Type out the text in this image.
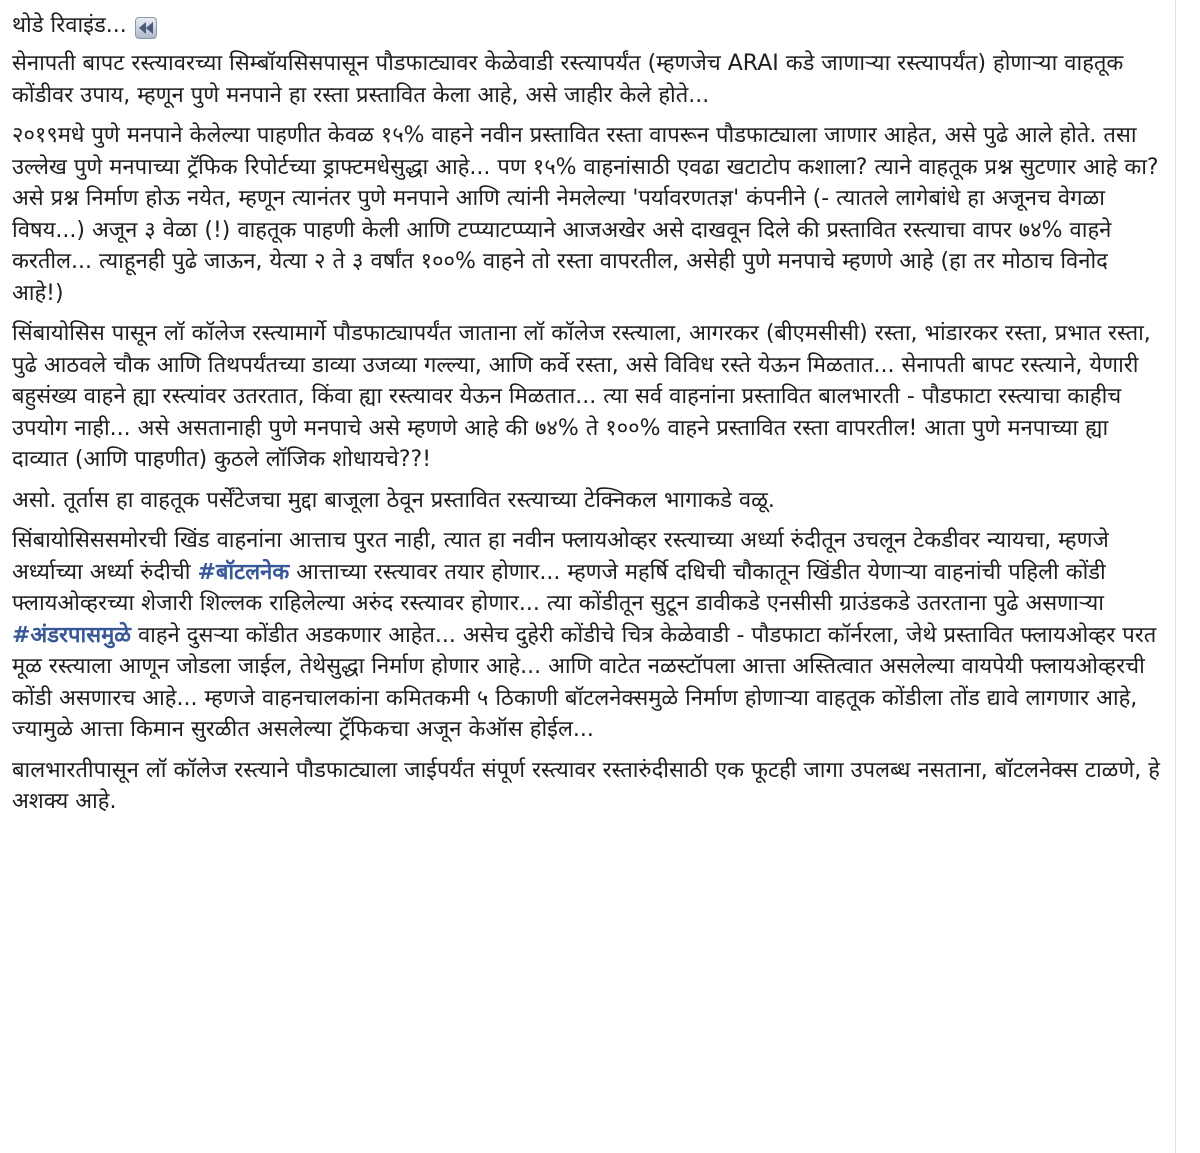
थोडे रिवाइंड...

सेनापती बापट रस्त्यावरच्या सिम्बॉयसिसपासून पौडफाट्यावर केळेवाडी रस्त्यापर्यंत (म्हणजेच ARAI कडे जाणाऱ्या रस्त्यापर्यंत) होणाऱ्या वाहतूक कोंडीवर उपाय, म्हणून पुणे मनपाने हा रस्ता प्रस्तावित केला आहे, असे जाहीर केले होते...

२०१९मधे पुणे मनपाने केलेल्या पाहणीत केवळ १५% वाहने नवीन प्रस्तावित रस्ता वापरून पौडफाट्याला जाणार आहेत, असे पुढे आले होते. तसा उल्लेख पुणे मनपाच्या ट्रॅफिक रिपोर्टच्या ड्राफ्टमधेसुद्धा आहे... पण १५% वाहनांसाठी एवढा खटाटोप कशाला? त्याने वाहतूक प्रश्न सुटणार आहे का? असे प्रश्न निर्माण होऊ नयेत, म्हणून त्यानंतर पुणे मनपाने आणि त्यांनी नेमलेल्या 'पर्यावरणतज्ञ' कंपनीने (- त्यातले लागेबांधे हा अजूनच वेगळा विषय...) अजून ३ वेळा (!) वाहतूक पाहणी केली आणि टप्प्याटप्प्याने आजअखेर असे दाखवून दिले की प्रस्तावित रस्त्याचा वापर ७४% वाहने करतील... त्याहूनही पुढे जाऊन, येत्या २ ते ३ वर्षांत १००% वाहने तो रस्ता वापरतील, असेही पुणे मनपाचे म्हणणे आहे (हा तर मोठाच विनोद आहे!)

सिंबायोसिस पासून लॉ कॉलेज रस्त्यामार्गे पौडफाट्यापर्यंत जाताना लॉ कॉलेज रस्त्याला, आगरकर (बीएमसीसी) रस्ता, भांडारकर रस्ता, प्रभात रस्ता, पुढे आठवले चौक आणि तिथपर्यंतच्या डाव्या उजव्या गल्ल्या, आणि कर्वे रस्ता, असे विविध रस्ते येऊन मिळतात... सेनापती बापट रस्त्याने, येणारी बहुसंख्य वाहने ह्या रस्त्यांवर उतरतात, किंवा ह्या रस्त्यावर येऊन मिळतात... त्या सर्व वाहनांना प्रस्तावित बालभारती - पौडफाटा रस्त्याचा काहीच उपयोग नाही... असे असतानाही पुणे मनपाचे असे म्हणणे आहे की ७४% ते १००% वाहने प्रस्तावित रस्ता वापरतील! आता पुणे मनपाच्या ह्या दाव्यात (आणि पाहणीत) कुठले लॉजिक शोधायचे??!

असो. तूर्तास हा वाहतूक पर्सेंटेजचा मुद्दा बाजूला ठेवून प्रस्तावित रस्त्याच्या टेक्निकल भागाकडे वळू.

सिंबायोसिससमोरची खिंड वाहनांना आत्ताच पुरत नाही, त्यात हा नवीन फ्लायओव्हर रस्त्याच्या अर्ध्या रुंदीतून उचलून टेकडीवर न्यायचा, म्हणजे अर्ध्याच्या अर्ध्या रुंदीची #बॉटलनेक आत्ताच्या रस्त्यावर तयार होणार... म्हणजे महर्षि दधिची चौकातून खिंडीत येणाऱ्या वाहनांची पहिली कोंडी फ्लायओव्हरच्या शेजारी शिल्लक राहिलेल्या अरुंद रस्त्यावर होणार... त्या कोंडीतून सुटून डावीकडे एनसीसी ग्राउंडकडे उतरताना पुढे असणाऱ्या #अंडरपासमुळे वाहने दुसऱ्या कोंडीत अडकणार आहेत... असेच दुहेरी कोंडीचे चित्र केळेवाडी - पौडफाटा कॉर्नरला, जेथे प्रस्तावित फ्लायओव्हर परत मूळ रस्त्याला आणून जोडला जाईल, तेथेसुद्धा निर्माण होणार आहे... आणि वाटेत नळस्टॉपला आत्ता अस्तित्वात असलेल्या वायपेयी फ्लायओव्हरची कोंडी असणारच आहे... म्हणजे वाहनचालकांना कमितकमी ५ ठिकाणी बॉटलनेक्समुळे निर्माण होणाऱ्या वाहतूक कोंडीला तोंड द्यावे लागणार आहे, ज्यामुळे आत्ता किमान सुरळीत असलेल्या ट्रॅफिकचा अजून केऑस होईल...

बालभारतीपासून लॉ कॉलेज रस्त्याने पौडफाट्याला जाईपर्यंत संपूर्ण रस्त्यावर रस्तारुंदीसाठी एक फूटही जागा उपलब्ध नसताना, बॉटलनेक्स टाळणे, हे अशक्य आहे.
